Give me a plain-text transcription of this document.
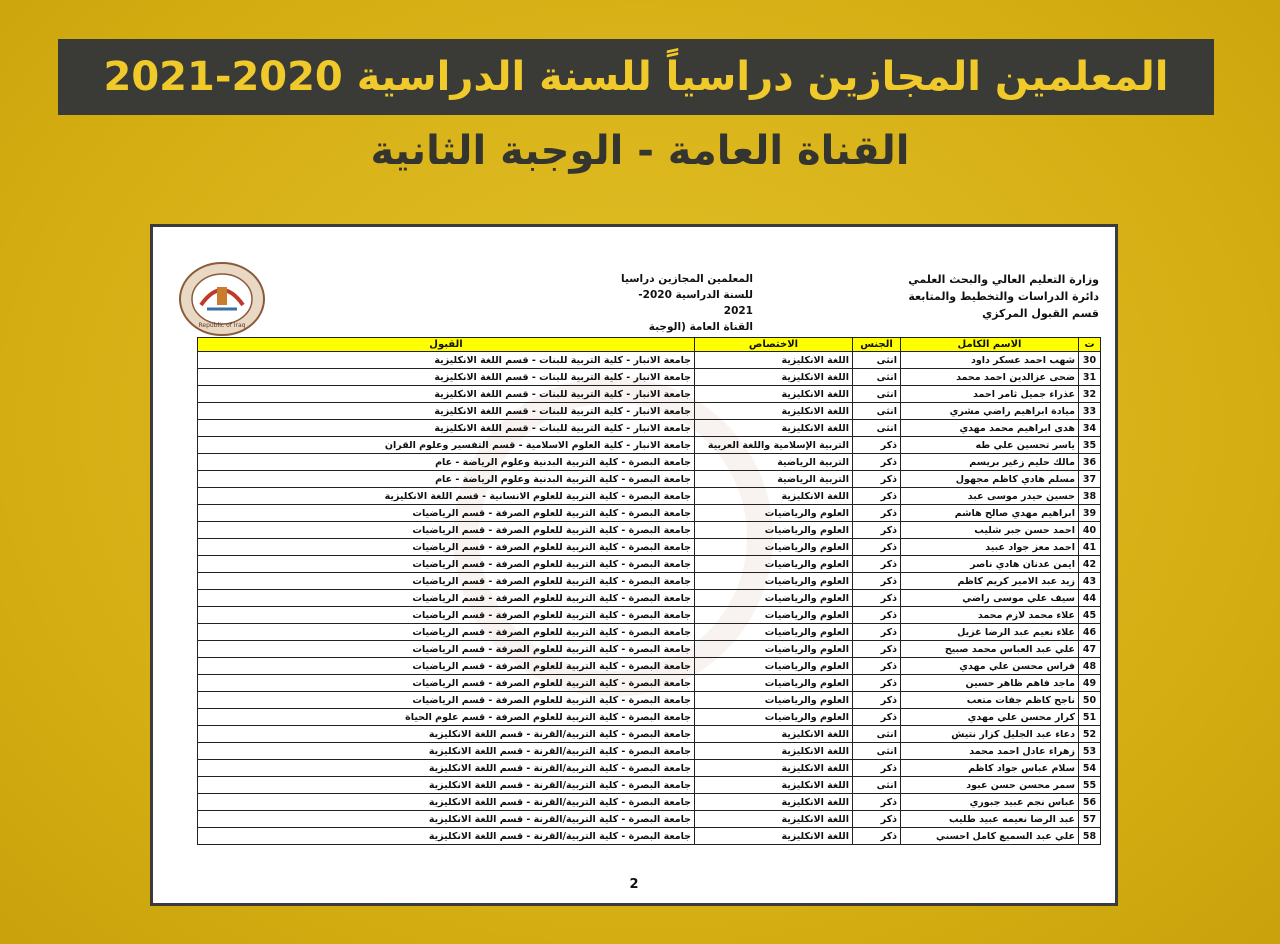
المعلمين المجازين دراسياً للسنة الدراسية 2020-2021
القناة العامة - الوجبة الثانية
وزارة التعليم العالي والبحث العلمي
دائرة الدراسات والتخطيط والمتابعة
قسم القبول المركزي
المعلمين المجازين دراسيا
للسنة الدراسية 2020-2021
القناة العامة (الوجبة
Republic of Iraq
ت	الاسم الكامل	الجنس	الاختصاص	القبول
30	شهب احمد عسكر داود	انثى	اللغة الانكليزية	جامعة الانبار - كلية التربية للبنات - قسم اللغة الانكليزية
31	ضحى عزالدين احمد محمد	انثى	اللغة الانكليزية	جامعة الانبار - كلية التربية للبنات - قسم اللغة الانكليزية
32	عذراء جميل ثامر احمد	انثى	اللغة الانكليزية	جامعة الانبار - كلية التربية للبنات - قسم اللغة الانكليزية
33	ميادة ابراهيم راضي مشري	انثى	اللغة الانكليزية	جامعة الانبار - كلية التربية للبنات - قسم اللغة الانكليزية
34	هدى ابراهيم محمد مهدي	انثى	اللغة الانكليزية	جامعة الانبار - كلية التربية للبنات - قسم اللغة الانكليزية
35	ياسر تحسين علي طه	ذكر	التربية الإسلامية واللغة العربية	جامعة الانبار - كلية العلوم الاسلامية - قسم التفسير وعلوم القران
36	مالك حليم زغير بريسم	ذكر	التربية الرياضية	جامعة البصرة - كلية التربية البدنية وعلوم الرياضة - عام
37	مسلم هادي كاظم مجهول	ذكر	التربية الرياضية	جامعة البصرة - كلية التربية البدنية وعلوم الرياضة - عام
38	حسين حيدر موسى عبد	ذكر	اللغة الانكليزية	جامعة البصرة - كلية التربية للعلوم الانسانية - قسم اللغة الانكليزية
39	ابراهيم مهدي صالح هاشم	ذكر	العلوم والرياضيات	جامعة البصرة - كلية التربية للعلوم الصرفة - قسم الرياضيات
40	احمد حسن جبر شليب	ذكر	العلوم والرياضيات	جامعة البصرة - كلية التربية للعلوم الصرفة - قسم الرياضيات
41	احمد معز جواد عبيد	ذكر	العلوم والرياضيات	جامعة البصرة - كلية التربية للعلوم الصرفة - قسم الرياضيات
42	ايمن عدنان هادي ناصر	ذكر	العلوم والرياضيات	جامعة البصرة - كلية التربية للعلوم الصرفة - قسم الرياضيات
43	زيد عبد الامير كريم كاظم	ذكر	العلوم والرياضيات	جامعة البصرة - كلية التربية للعلوم الصرفة - قسم الرياضيات
44	سيف علي موسى راضي	ذكر	العلوم والرياضيات	جامعة البصرة - كلية التربية للعلوم الصرفة - قسم الرياضيات
45	علاء محمد لازم محمد	ذكر	العلوم والرياضيات	جامعة البصرة - كلية التربية للعلوم الصرفة - قسم الرياضيات
46	علاء نعيم عبد الرضا غزيل	ذكر	العلوم والرياضيات	جامعة البصرة - كلية التربية للعلوم الصرفة - قسم الرياضيات
47	علي عبد العباس محمد صبيح	ذكر	العلوم والرياضيات	جامعة البصرة - كلية التربية للعلوم الصرفة - قسم الرياضيات
48	فراس محسن علي مهدي	ذكر	العلوم والرياضيات	جامعة البصرة - كلية التربية للعلوم الصرفة - قسم الرياضيات
49	ماجد فاهم ظاهر حسين	ذكر	العلوم والرياضيات	جامعة البصرة - كلية التربية للعلوم الصرفة - قسم الرياضيات
50	ناجح كاظم جفات متعب	ذكر	العلوم والرياضيات	جامعة البصرة - كلية التربية للعلوم الصرفة - قسم الرياضيات
51	كرار محسن علي مهدي	ذكر	العلوم والرياضيات	جامعة البصرة - كلية التربية للعلوم الصرفة - قسم علوم الحياة
52	دعاء عبد الجليل كزار نتيش	انثى	اللغة الانكليزية	جامعة البصرة - كلية التربية/القرنة - قسم اللغة الانكليزية
53	زهراء عادل احمد محمد	انثى	اللغة الانكليزية	جامعة البصرة - كلية التربية/القرنة - قسم اللغة الانكليزية
54	سلام عباس جواد كاظم	ذكر	اللغة الانكليزية	جامعة البصرة - كلية التربية/القرنة - قسم اللغة الانكليزية
55	سمر محسن حسن عبود	انثى	اللغة الانكليزية	جامعة البصرة - كلية التربية/القرنة - قسم اللغة الانكليزية
56	عباس نجم عبيد جبوري	ذكر	اللغة الانكليزية	جامعة البصرة - كلية التربية/القرنة - قسم اللغة الانكليزية
57	عبد الرضا نعيمه عبيد طليب	ذكر	اللغة الانكليزية	جامعة البصرة - كلية التربية/القرنة - قسم اللغة الانكليزية
58	علي عبد السميع كامل احسني	ذكر	اللغة الانكليزية	جامعة البصرة - كلية التربية/القرنة - قسم اللغة الانكليزية
2
